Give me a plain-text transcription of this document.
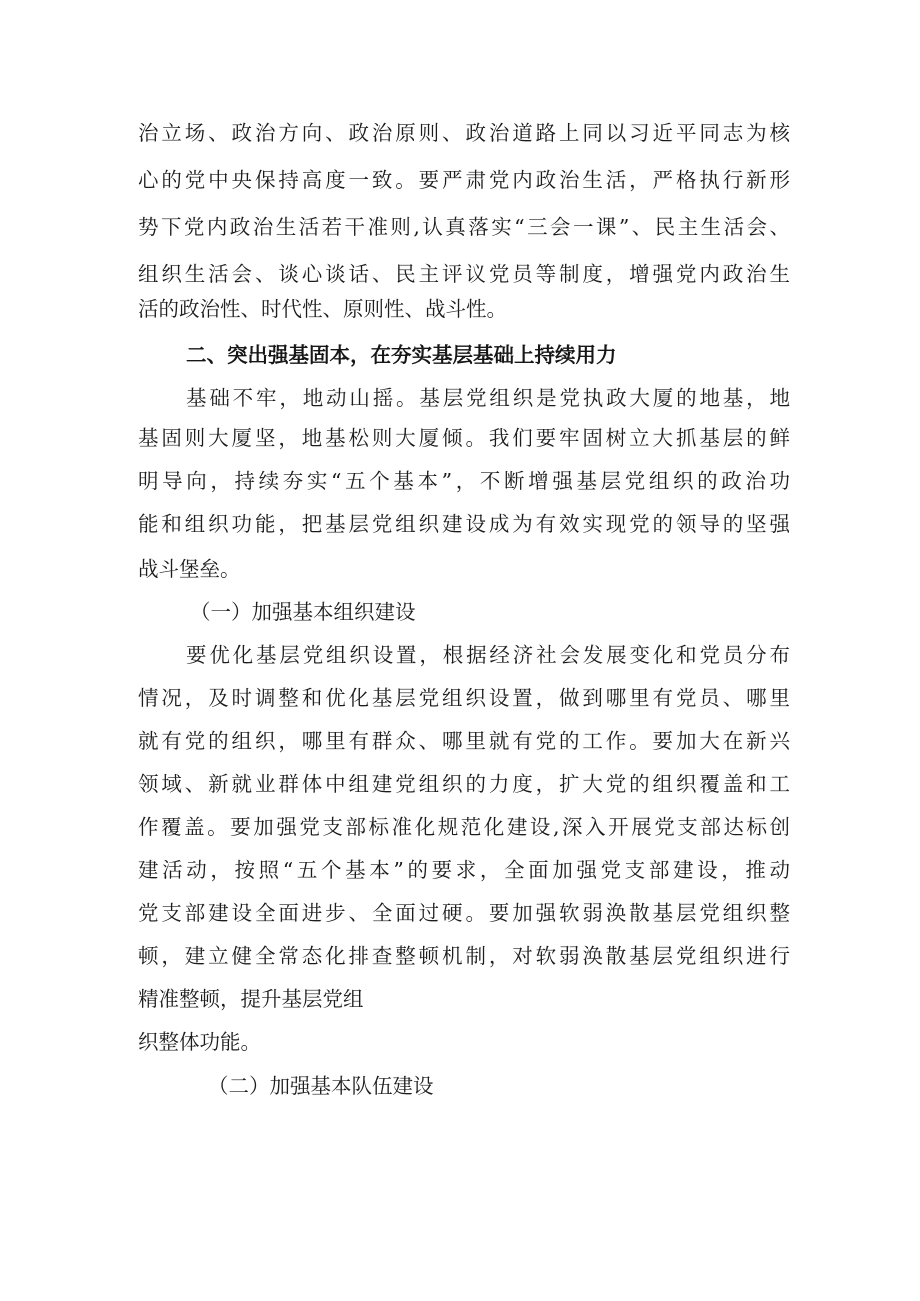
治立场、政治方向、政治原则、政治道路上同以习近平同志为核

心的党中央保持高度一致。要严肃党内政治生活，严格执行新形

势下党内政治生活若干准则,认真落实“三会一课”、民主生活会、

组织生活会、谈心谈话、民主评议党员等制度，增强党内政治生

活的政治性、时代性、原则性、战斗性。

二、突出强基固本，在夯实基层基础上持续用力

基础不牢，地动山摇。基层党组织是党执政大厦的地基，地

基固则大厦坚，地基松则大厦倾。我们要牢固树立大抓基层的鲜

明导向，持续夯实“五个基本”，不断增强基层党组织的政治功

能和组织功能，把基层党组织建设成为有效实现党的领导的坚强

战斗堡垒。

（一）加强基本组织建设

要优化基层党组织设置，根据经济社会发展变化和党员分布

情况，及时调整和优化基层党组织设置，做到哪里有党员、哪里

就有党的组织，哪里有群众、哪里就有党的工作。要加大在新兴

领域、新就业群体中组建党组织的力度，扩大党的组织覆盖和工

作覆盖。要加强党支部标准化规范化建设,深入开展党支部达标创

建活动，按照“五个基本”的要求，全面加强党支部建设，推动

党支部建设全面进步、全面过硬。要加强软弱涣散基层党组织整

顿，建立健全常态化排查整顿机制，对软弱涣散基层党组织进行

精准整顿，提升基层党组

织整体功能。

（二）加强基本队伍建设
